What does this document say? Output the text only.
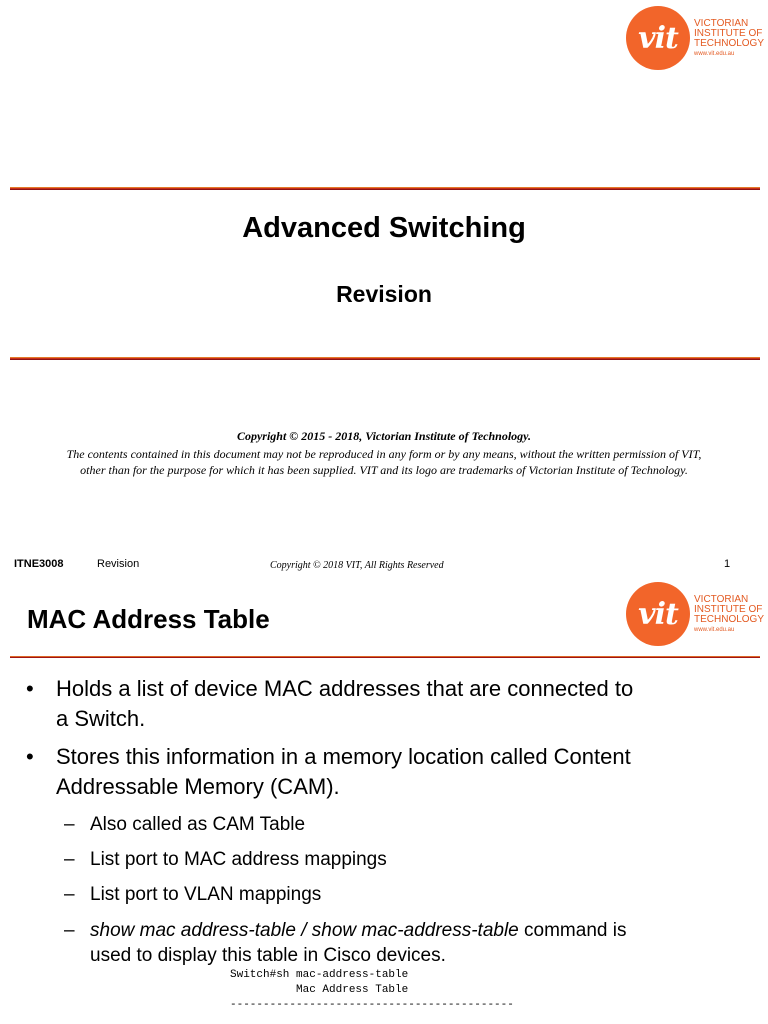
vit VICTORIAN
INSTITUTE OF
TECHNOLOGY
www.vit.edu.au
Advanced Switching
Revision
Copyright © 2015 - 2018, Victorian Institute of Technology.
The contents contained in this document may not be reproduced in any form or by any means, without the written permission of VIT,
other than for the purpose for which it has been supplied. VIT and its logo are trademarks of Victorian Institute of Technology.
ITNE3008	Revision	Copyright © 2018 VIT, All Rights Reserved	1
vit VICTORIAN
INSTITUTE OF
TECHNOLOGY
www.vit.edu.au
MAC Address Table
•	Holds a list of device MAC addresses that are connected to
a Switch.
•	Stores this information in a memory location called Content
Addressable Memory (CAM).
– Also called as CAM Table
– List port to MAC address mappings
– List port to VLAN mappings
– show mac address-table / show mac-address-table command is
used to display this table in Cisco devices.
Switch#sh mac-address-table
Mac Address Table
-------------------------------------------
